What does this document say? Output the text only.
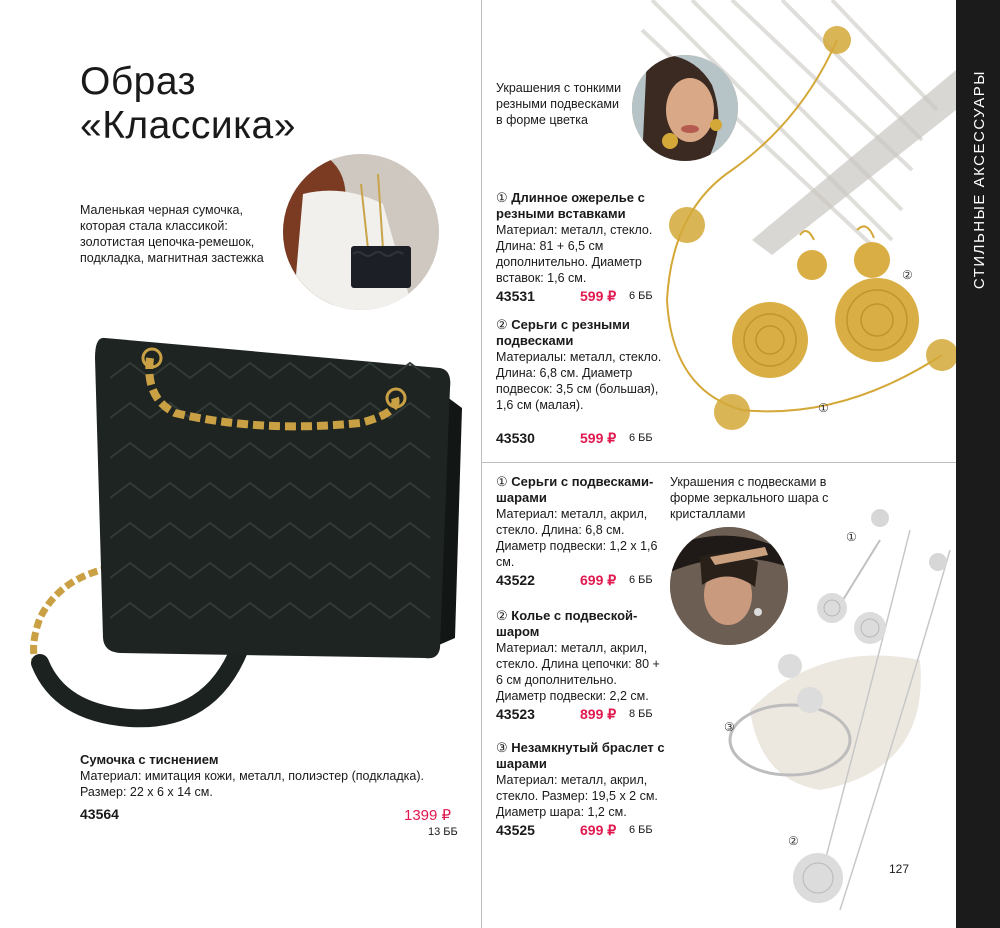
Образ
«Классика»
Маленькая черная сумочка, которая стала классикой: золотистая цепочка-ремешок, подкладка, магнитная застежка
Сумочка с тиснением
Материал: имитация кожи, металл, полиэстер (подкладка).
Размер: 22 х 6 х 14 см.
43564	1399 ₽
13 ББ
Украшения с тонкими резными подвесками в форме цветка
① Длинное ожерелье с резными вставками
Материал: металл, стекло. Длина: 81 + 6,5 см дополнительно. Диаметр вставок: 1,6 см.
43531	599 ₽ 6 ББ
② Серьги с резными подвесками
Материалы: металл, стекло. Длина: 6,8 см. Диаметр подвесок: 3,5 см (большая), 1,6 см (малая).
43530	599 ₽ 6 ББ
②
①
Украшения с подвесками в форме зеркального шара с кристаллами
① Серьги с подвесками-шарами
Материал: металл, акрил, стекло. Длина: 6,8 см. Диаметр подвески: 1,2 х 1,6 см.
43522	699 ₽ 6 ББ
② Колье с подвеской-шаром
Материал: металл, акрил, стекло. Длина цепочки: 80 + 6 см дополнительно. Диаметр подвески: 2,2 см.
43523	899 ₽ 8 ББ
③ Незамкнутый браслет с шарами
Материал: металл, акрил, стекло. Размер: 19,5 х 2 см. Диаметр шара: 1,2 см.
43525	699 ₽ 6 ББ
①
②
③
127
СТИЛЬНЫЕ АКСЕССУАРЫ
